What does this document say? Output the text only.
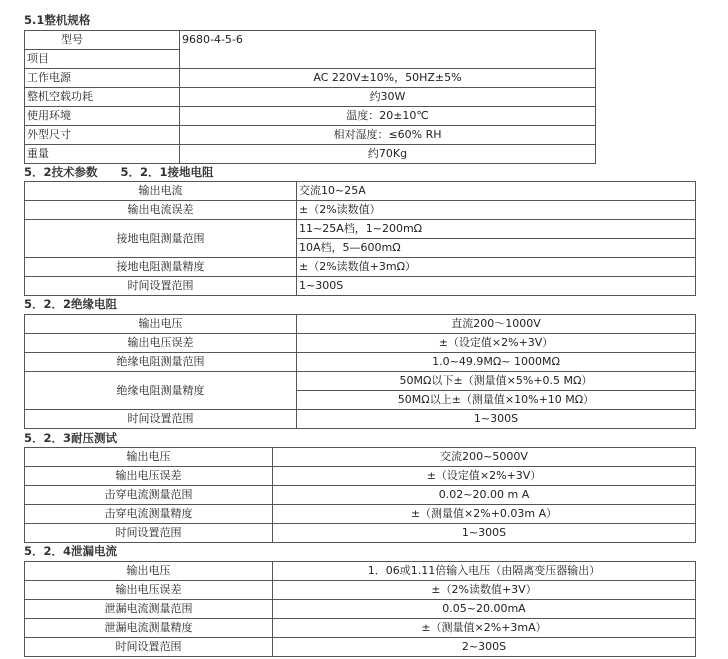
5.1整机规格
型号	9680-4-5-6
项目	
工作电源	AC 220V±10%，50HZ±5%
整机空载功耗	约30W
使用环境	温度：20±10℃
外型尺寸	相对湿度：≤60% RH
重量	约70Kg
5．2技术参数　　5．2．1接地电阻
输出电流	交流10~25A
输出电流误差	±（2%读数值）
接地电阻测量范围	11~25A档，1~200mΩ
	10A档，5—600mΩ
接地电阻测量精度	±（2%读数值+3mΩ）
时间设置范围	1~300S
5．2．2绝缘电阻
输出电压	直流200～1000V
输出电压误差	±（设定值×2%+3V）
绝缘电阻测量范围	1.0~49.9MΩ~ 1000MΩ
绝缘电阻测量精度	50MΩ以下±（测量值×5%+0.5 MΩ）
	50MΩ以上±（测量值×10%+10 MΩ）
时间设置范围	1~300S
5．2．3耐压测试
输出电压	交流200~5000V
输出电压误差	±（设定值×2%+3V）
击穿电流测量范围	0.02~20.00 m A
击穿电流测量精度	±（测量值×2%+0.03m A）
时间设置范围	1~300S
5．2．4泄漏电流
输出电压	1．06或1.11倍输入电压（由隔离变压器输出）
输出电压误差	±（2%读数值+3V）
泄漏电流测量范围	0.05~20.00mA
泄漏电流测量精度	±（测量值×2%+3mA）
时间设置范围	2~300S
